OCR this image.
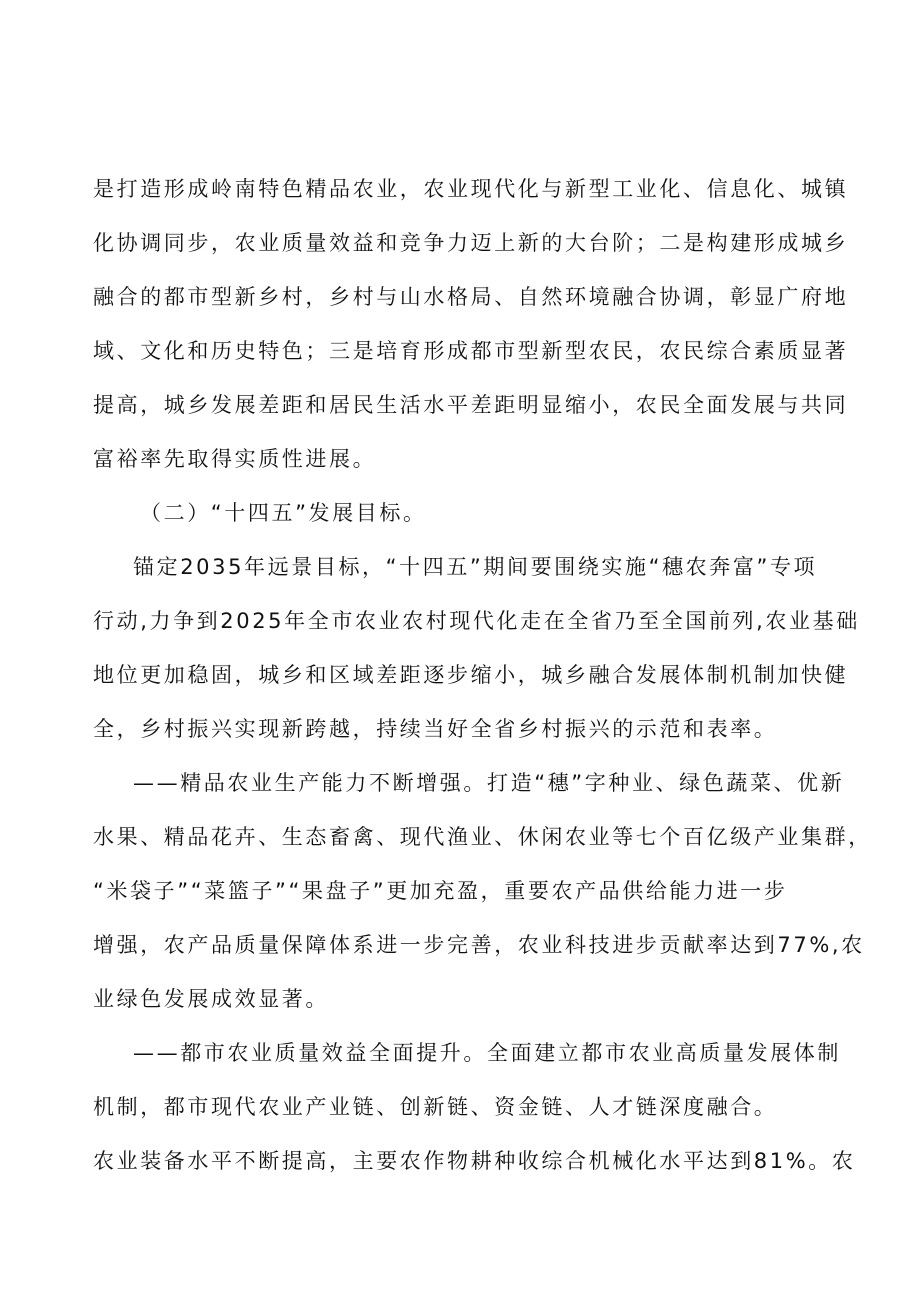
是打造形成岭南特色精品农业，农业现代化与新型工业化、信息化、城镇
化协调同步，农业质量效益和竞争力迈上新的大台阶；二是构建形成城乡
融合的都市型新乡村，乡村与山水格局、自然环境融合协调，彰显广府地
域、文化和历史特色；三是培育形成都市型新型农民，农民综合素质显著
提高，城乡发展差距和居民生活水平差距明显缩小，农民全面发展与共同
富裕率先取得实质性进展。
（二）“十四五”发展目标。
锚定2035年远景目标，“十四五”期间要围绕实施“穗农奔富”专项
行动,力争到2025年全市农业农村现代化走在全省乃至全国前列,农业基础
地位更加稳固，城乡和区域差距逐步缩小，城乡融合发展体制机制加快健
全，乡村振兴实现新跨越，持续当好全省乡村振兴的示范和表率。
——精品农业生产能力不断增强。打造“穗”字种业、绿色蔬菜、优新
水果、精品花卉、生态畜禽、现代渔业、休闲农业等七个百亿级产业集群，
“米袋子”“菜篮子”“果盘子”更加充盈，重要农产品供给能力进一步
增强，农产品质量保障体系进一步完善，农业科技进步贡献率达到77%,农
业绿色发展成效显著。
——都市农业质量效益全面提升。全面建立都市农业高质量发展体制
机制，都市现代农业产业链、创新链、资金链、人才链深度融合。
农业装备水平不断提高，主要农作物耕种收综合机械化水平达到81%。农
